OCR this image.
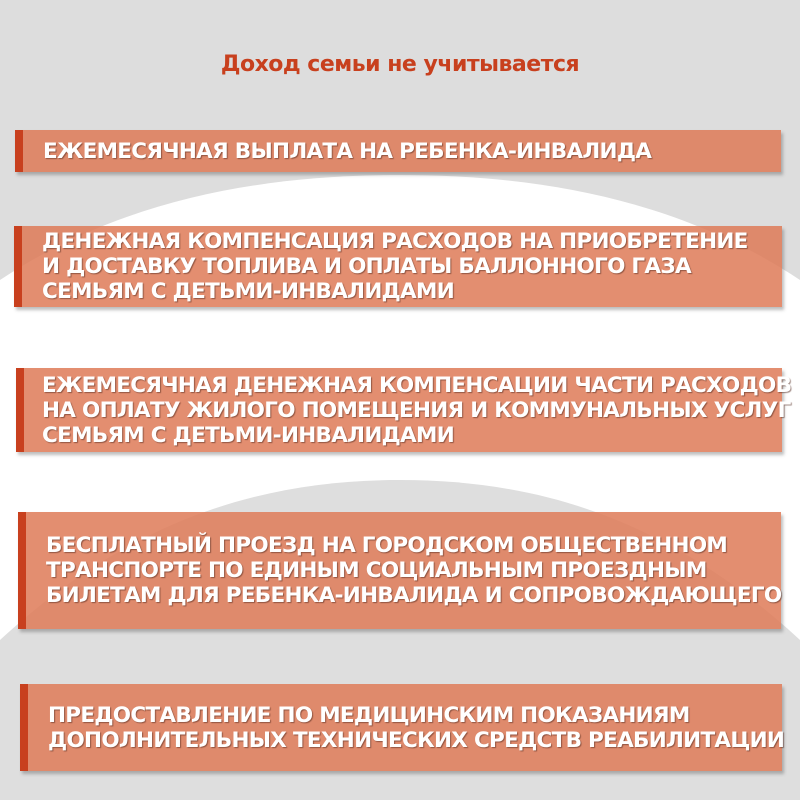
Доход семьи не учитывается
ЕЖЕМЕСЯЧНАЯ ВЫПЛАТА НА РЕБЕНКА-ИНВАЛИДА
ДЕНЕЖНАЯ КОМПЕНСАЦИЯ РАСХОДОВ НА ПРИОБРЕТЕНИЕ
И ДОСТАВКУ ТОПЛИВА И ОПЛАТЫ БАЛЛОННОГО ГАЗА
СЕМЬЯМ С ДЕТЬМИ-ИНВАЛИДАМИ
ЕЖЕМЕСЯЧНАЯ ДЕНЕЖНАЯ КОМПЕНСАЦИИ ЧАСТИ РАСХОДОВ
НА ОПЛАТУ ЖИЛОГО ПОМЕЩЕНИЯ И КОММУНАЛЬНЫХ УСЛУГ
СЕМЬЯМ С ДЕТЬМИ-ИНВАЛИДАМИ
БЕСПЛАТНЫЙ ПРОЕЗД НА ГОРОДСКОМ ОБЩЕСТВЕННОМ
ТРАНСПОРТЕ ПО ЕДИНЫМ СОЦИАЛЬНЫМ ПРОЕЗДНЫМ
БИЛЕТАМ ДЛЯ РЕБЕНКА-ИНВАЛИДА И СОПРОВОЖДАЮЩЕГО
ПРЕДОСТАВЛЕНИЕ ПО МЕДИЦИНСКИМ ПОКАЗАНИЯМ
ДОПОЛНИТЕЛЬНЫХ ТЕХНИЧЕСКИХ СРЕДСТВ РЕАБИЛИТАЦИИ
